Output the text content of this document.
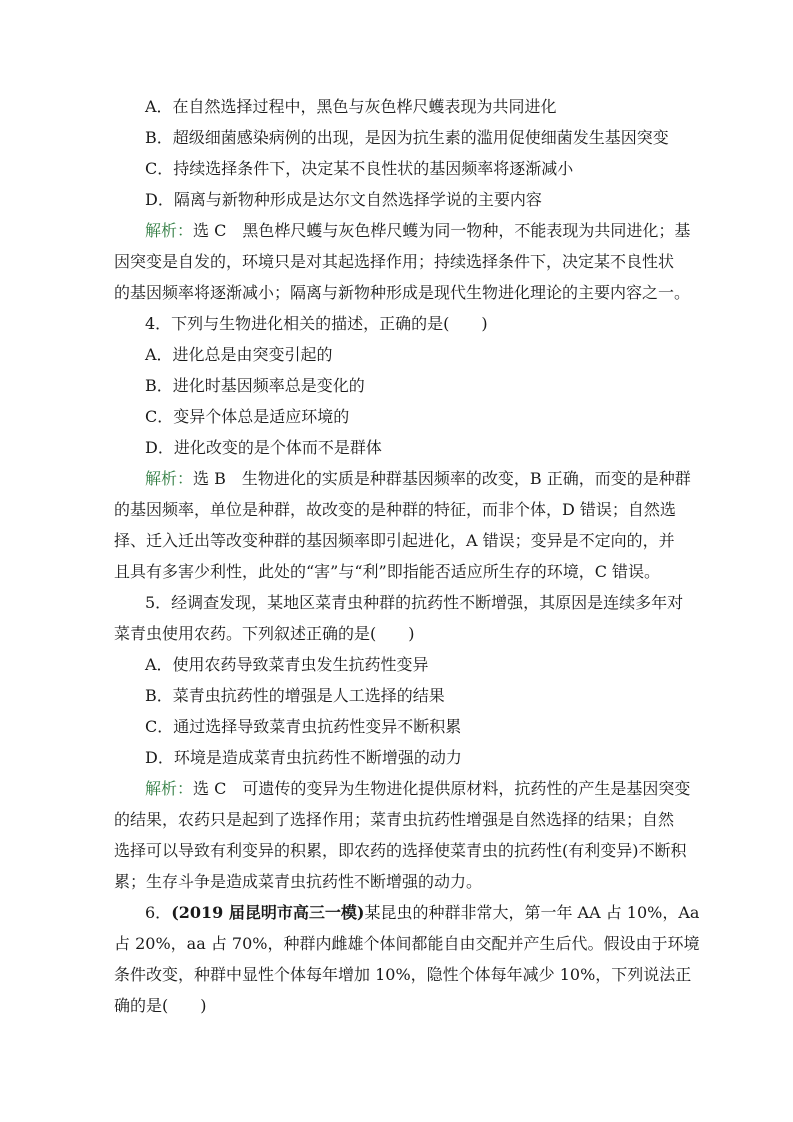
A．在自然选择过程中，黑色与灰色桦尺蠖表现为共同进化

B．超级细菌感染病例的出现，是因为抗生素的滥用促使细菌发生基因突变

C．持续选择条件下，决定某不良性状的基因频率将逐渐减小

D．隔离与新物种形成是达尔文自然选择学说的主要内容

解析：选 C　黑色桦尺蠖与灰色桦尺蠖为同一物种，不能表现为共同进化；基

因突变是自发的，环境只是对其起选择作用；持续选择条件下，决定某不良性状

的基因频率将逐渐减小；隔离与新物种形成是现代生物进化理论的主要内容之一。

4．下列与生物进化相关的描述，正确的是(　　)

A．进化总是由突变引起的

B．进化时基因频率总是变化的

C．变异个体总是适应环境的

D．进化改变的是个体而不是群体

解析：选 B　生物进化的实质是种群基因频率的改变，B 正确，而变的是种群

的基因频率，单位是种群，故改变的是种群的特征，而非个体，D 错误；自然选

择、迁入迁出等改变种群的基因频率即引起进化，A 错误；变异是不定向的，并

且具有多害少利性，此处的“害”与“利”即指能否适应所生存的环境，C 错误。

5．经调查发现，某地区菜青虫种群的抗药性不断增强，其原因是连续多年对

菜青虫使用农药。下列叙述正确的是(　　)

A．使用农药导致菜青虫发生抗药性变异

B．菜青虫抗药性的增强是人工选择的结果

C．通过选择导致菜青虫抗药性变异不断积累

D．环境是造成菜青虫抗药性不断增强的动力

解析：选 C　可遗传的变异为生物进化提供原材料，抗药性的产生是基因突变

的结果，农药只是起到了选择作用；菜青虫抗药性增强是自然选择的结果；自然

选择可以导致有利变异的积累，即农药的选择使菜青虫的抗药性(有利变异)不断积

累；生存斗争是造成菜青虫抗药性不断增强的动力。

6．(2019 届昆明市高三一模)某昆虫的种群非常大，第一年 AA 占 10%，Aa

占 20%，aa 占 70%，种群内雌雄个体间都能自由交配并产生后代。假设由于环境

条件改变，种群中显性个体每年增加 10%，隐性个体每年减少 10%，下列说法正

确的是(　　)
